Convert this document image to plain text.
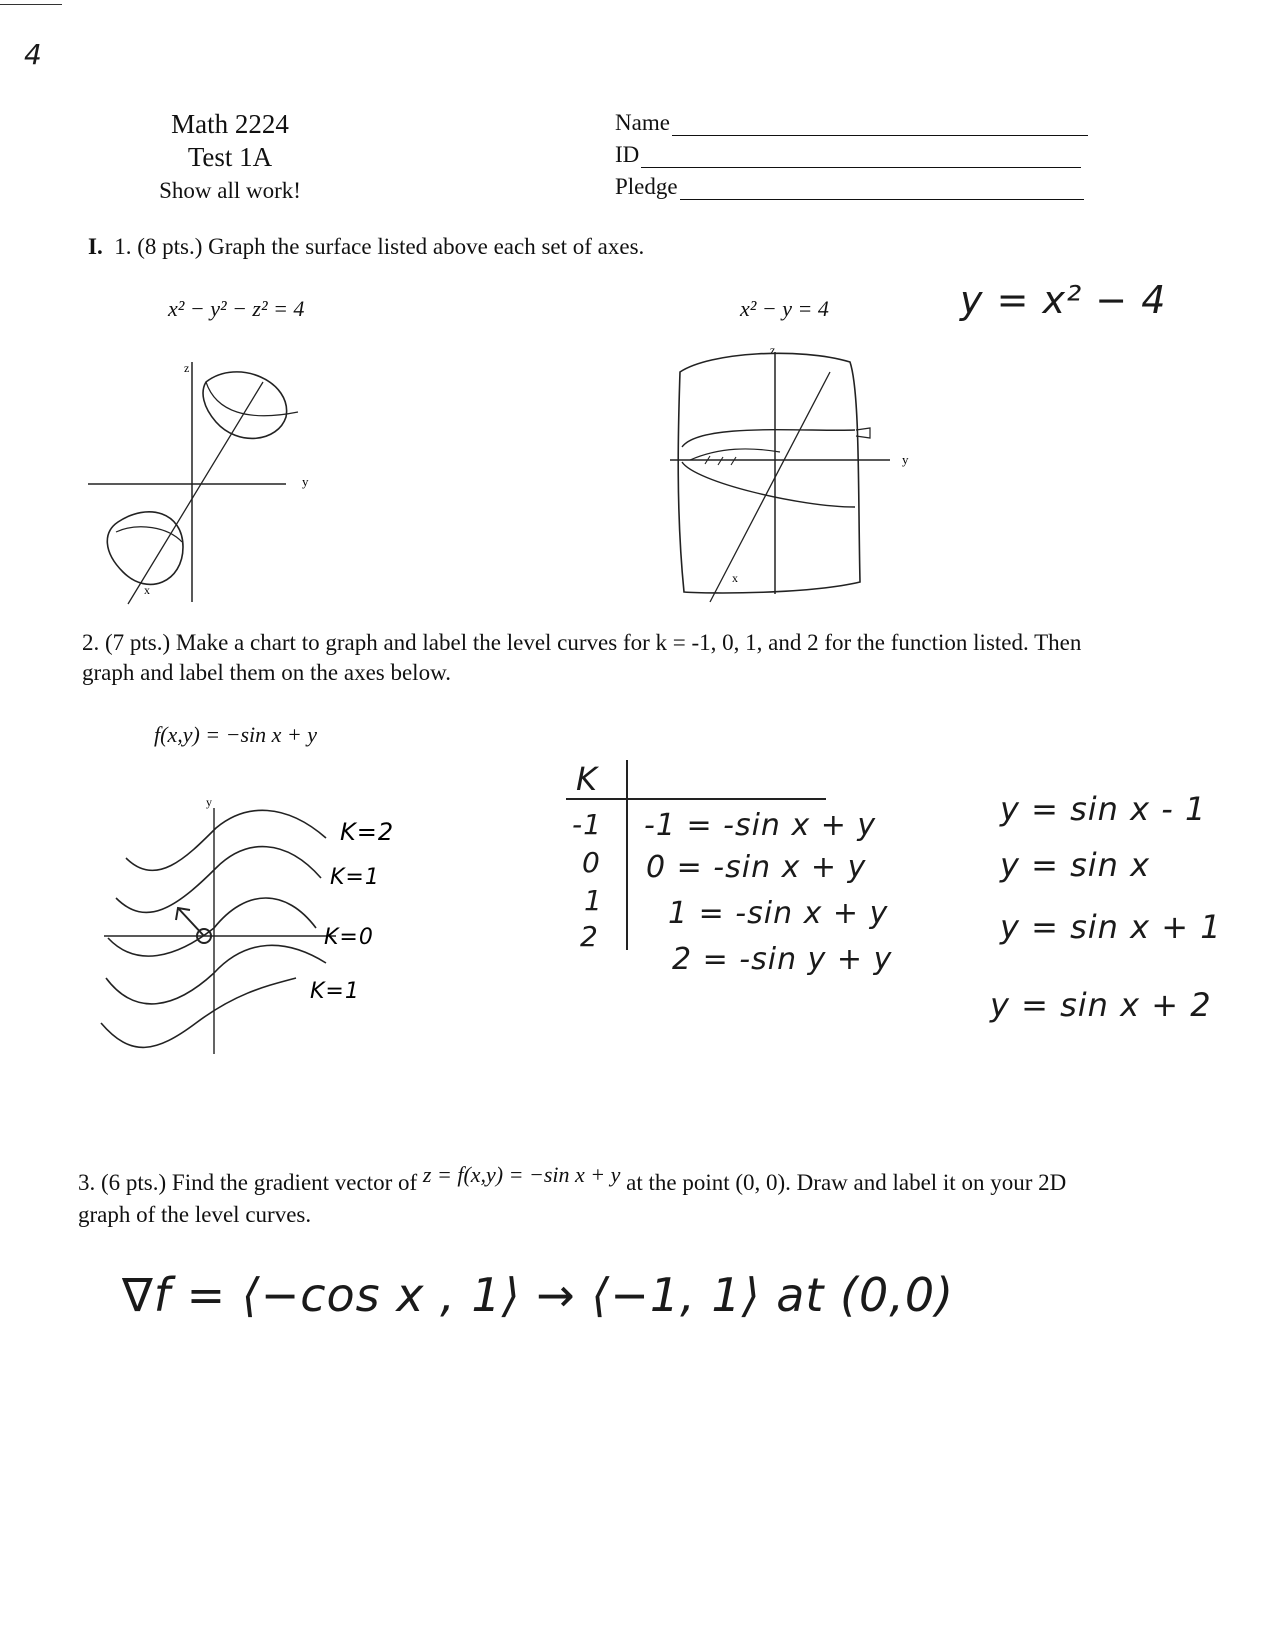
4
Math 2224
Test 1A
Show all work!
Name
ID
Pledge
I. 1. (8 pts.) Graph the surface listed above each set of axes.
x² − y² − z² = 4	x² − y = 4	y = x² − 4
z
y
x
z
y
x
2. (7 pts.) Make a chart to graph and label the level curves for k = -1, 0, 1, and 2 for the function listed. Then
graph and label them on the axes below.
f(x,y) = −sin x + y
y
K=2
K=1
K=0
K=1
K
-1
0
1
2
-1 = -sin x + y
0 = -sin x + y
1 = -sin x + y
2 = -sin y + y
y = sin x - 1
y = sin x
y = sin x + 1
y = sin x + 2
3. (6 pts.) Find the gradient vector of z = f(x,y) = −sin x + y at the point (0, 0). Draw and label it on your 2D
graph of the level curves.
∇f = ⟨−cos x , 1⟩ → ⟨−1, 1⟩ at (0,0)
